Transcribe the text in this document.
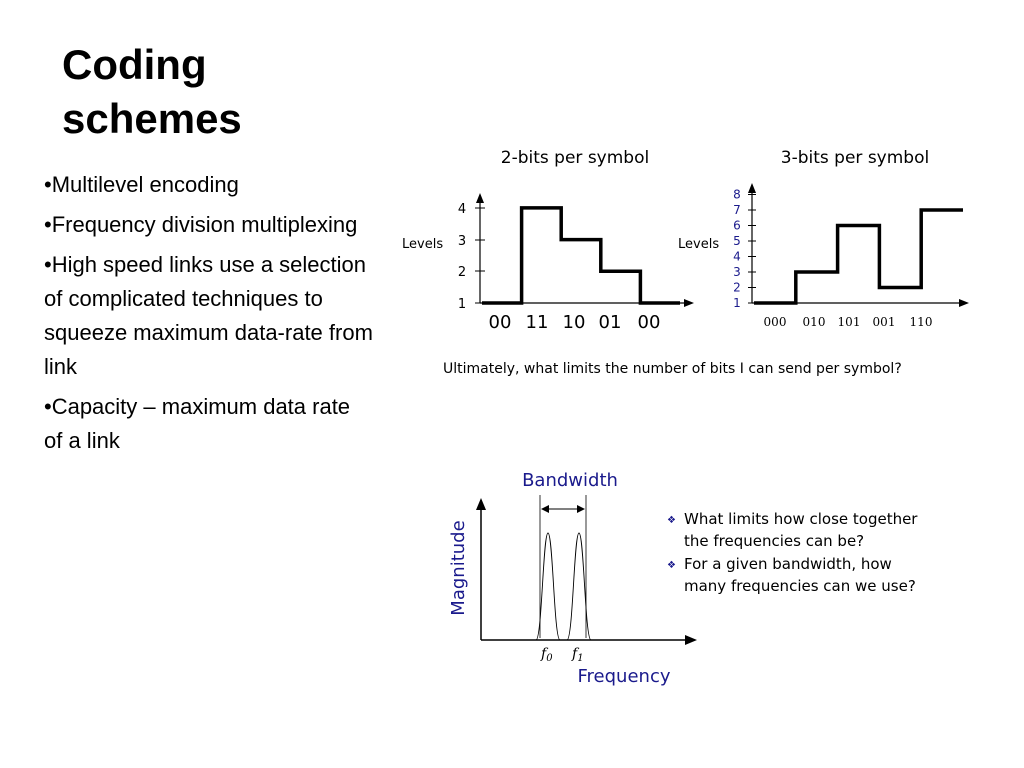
Coding
schemes
•Multilevel encoding
•Frequency division multiplexing
•High speed links use a selection of complicated techniques to squeeze maximum data-rate from link
•Capacity – maximum data rate of a link
2-bits per symbol
Levels
1
2
3
4
00 11 10 01 00
3-bits per symbol
Levels
1
2
3
4
5
6
7
8
000 010 101 001 110
Ultimately, what limits the number of bits I can send per symbol?
Bandwidth
$f_0$ $f_1$
Magnitude
Frequency
❖ What limits how close together
the frequencies can be?
❖ For a given bandwidth, how
many frequencies can we use?
